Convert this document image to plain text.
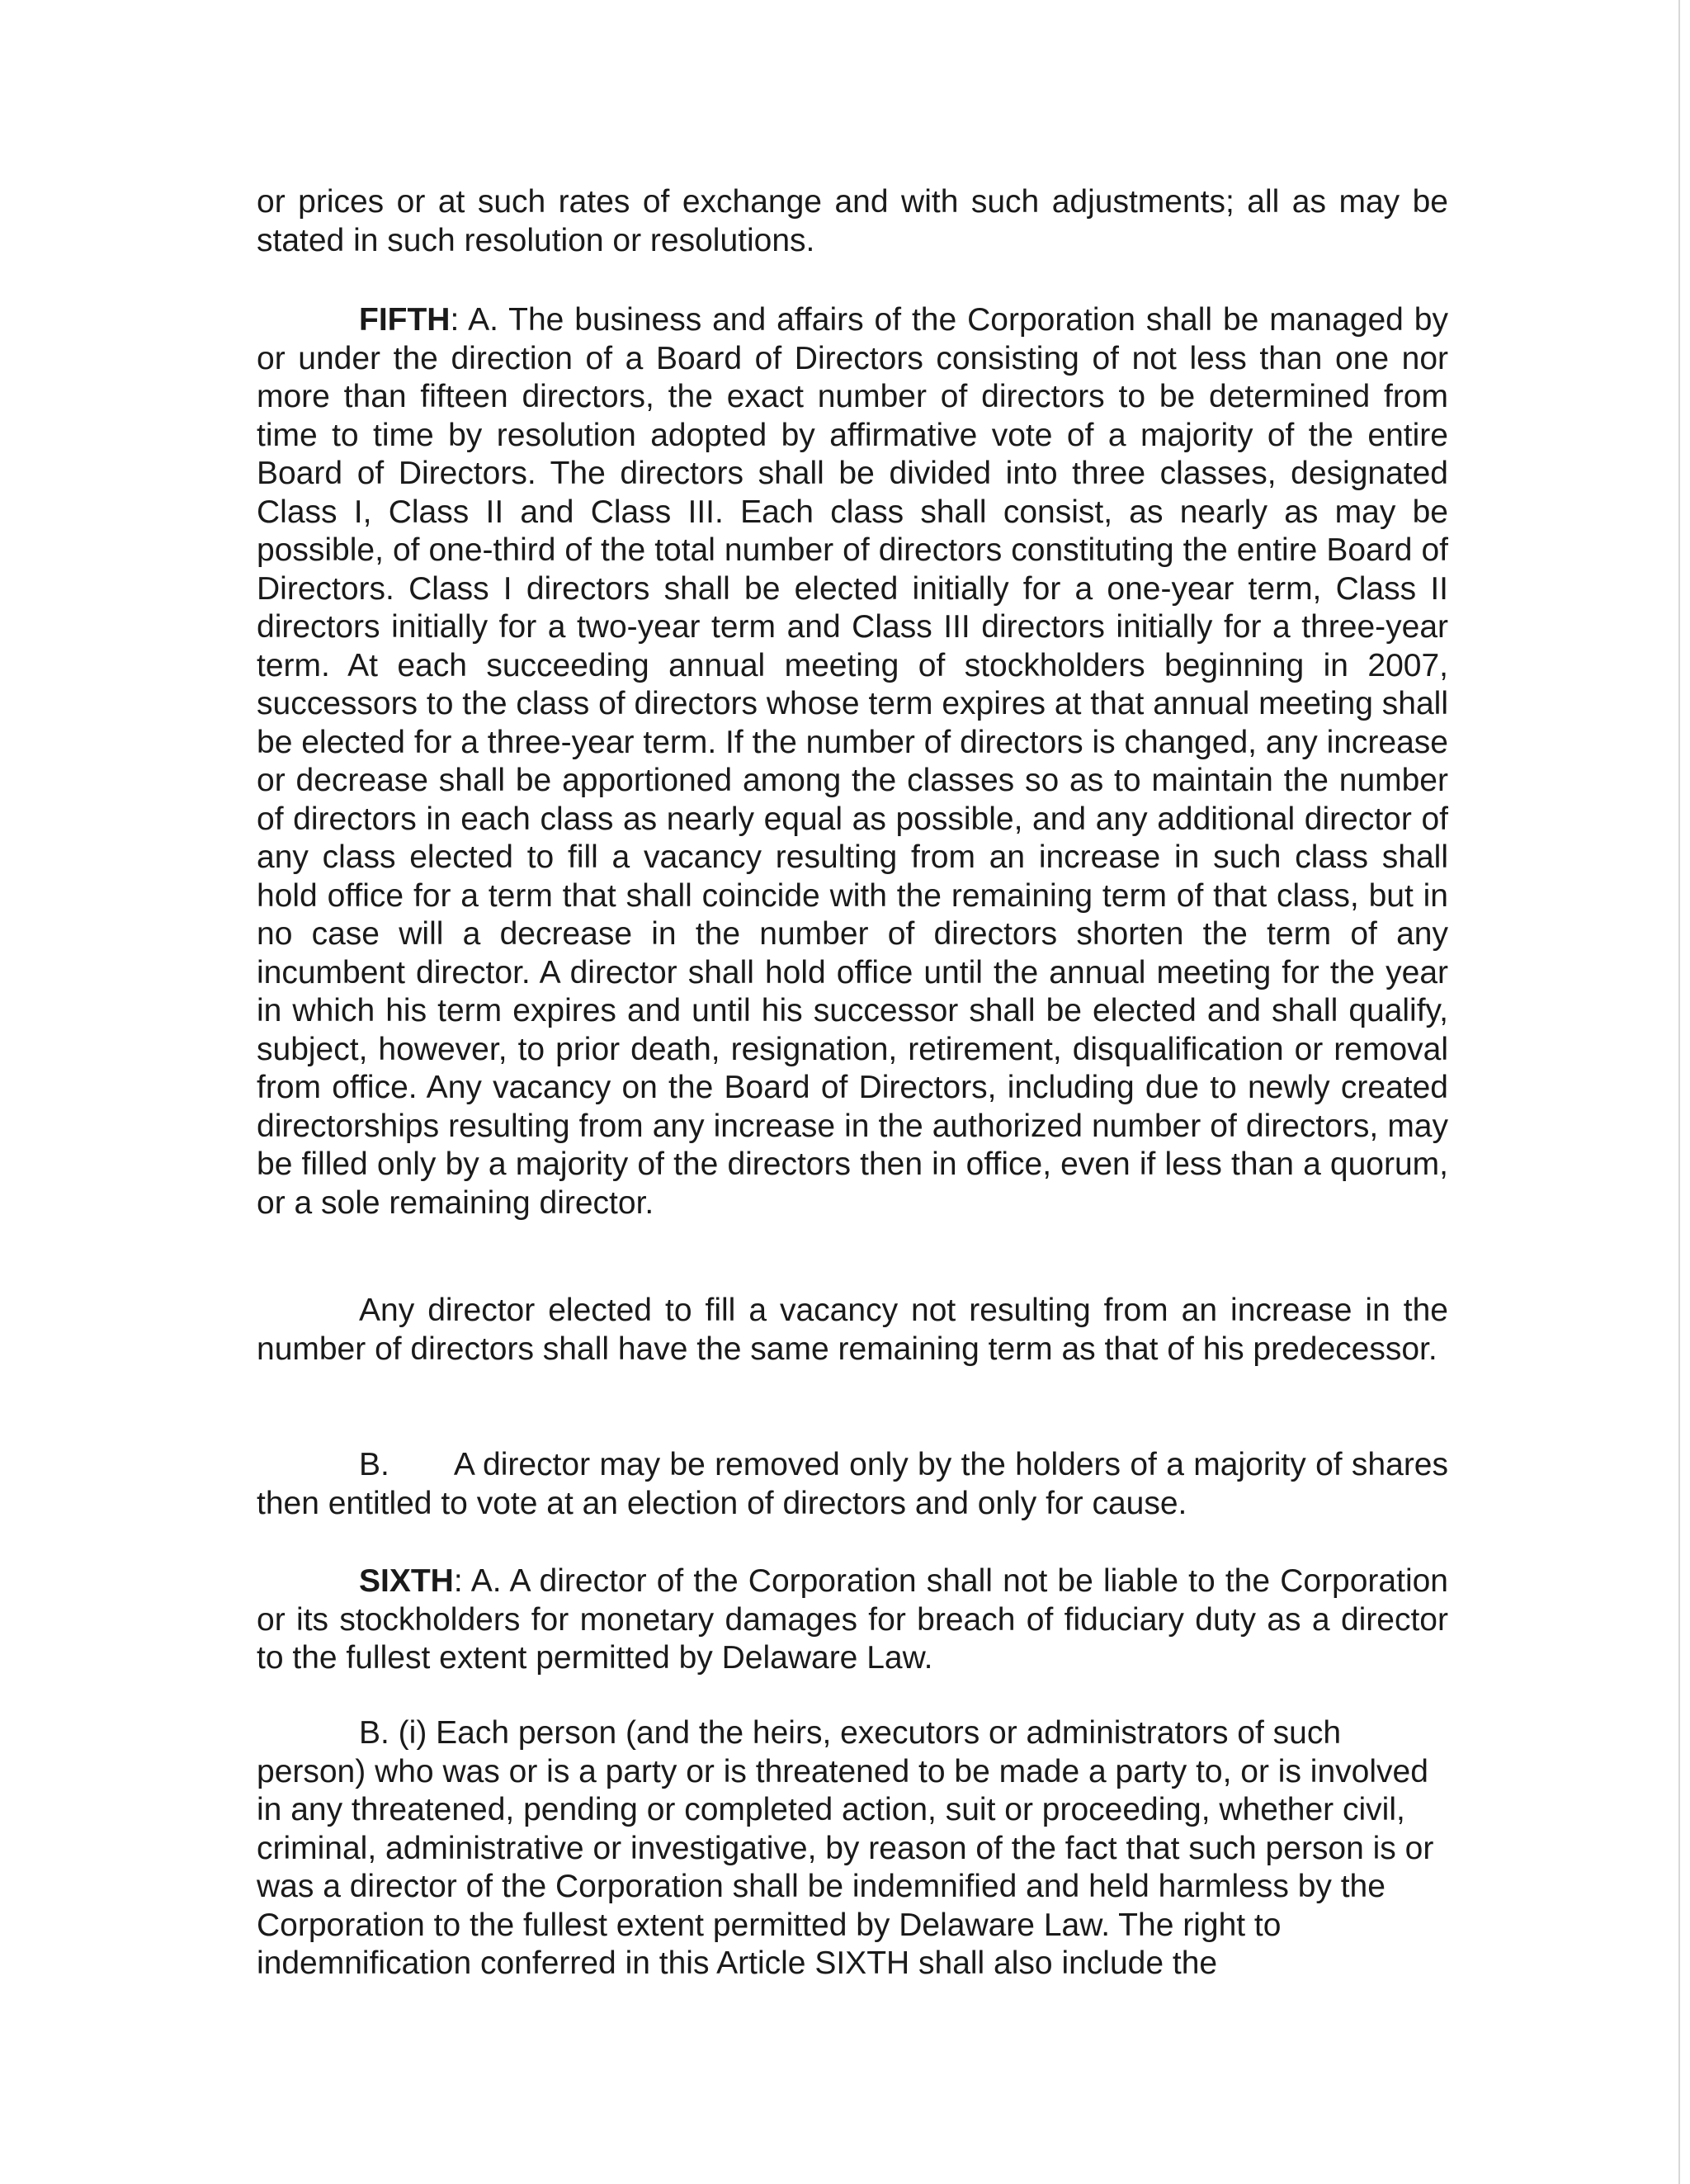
or prices or at such rates of exchange and with such adjustments; all as may be stated in such resolution or resolutions.

FIFTH: A. The business and affairs of the Corporation shall be managed by or under the direction of a Board of Directors consisting of not less than one nor more than fifteen directors, the exact number of directors to be determined from time to time by resolution adopted by affirmative vote of a majority of the entire Board of Directors. The directors shall be divided into three classes, designated Class I, Class II and Class III. Each class shall consist, as nearly as may be possible, of one-third of the total number of directors constituting the entire Board of Directors. Class I directors shall be elected initially for a one-year term, Class II directors initially for a two-year term and Class III directors initially for a three-year term. At each succeeding annual meeting of stockholders beginning in 2007, successors to the class of directors whose term expires at that annual meeting shall be elected for a three-year term. If the number of directors is changed, any increase or decrease shall be apportioned among the classes so as to maintain the number of directors in each class as nearly equal as possible, and any additional director of any class elected to fill a vacancy resulting from an increase in such class shall hold office for a term that shall coincide with the remaining term of that class, but in no case will a decrease in the number of directors shorten the term of any incumbent director. A director shall hold office until the annual meeting for the year in which his term expires and until his successor shall be elected and shall qualify, subject, however, to prior death, resignation, retirement, disqualification or removal from office. Any vacancy on the Board of Directors, including due to newly created directorships resulting from any increase in the authorized number of directors, may be filled only by a majority of the directors then in office, even if less than a quorum, or a sole remaining director.

Any director elected to fill a vacancy not resulting from an increase in the number of directors shall have the same remaining term as that of his predecessor.

B.  A director may be removed only by the holders of a majority of shares then entitled to vote at an election of directors and only for cause.

SIXTH: A. A director of the Corporation shall not be liable to the Corporation or its stockholders for monetary damages for breach of fiduciary duty as a director to the fullest extent permitted by Delaware Law.

B. (i) Each person (and the heirs, executors or administrators of such person) who was or is a party or is threatened to be made a party to, or is involved in any threatened, pending or completed action, suit or proceeding, whether civil, criminal, administrative or investigative, by reason of the fact that such person is or was a director of the Corporation shall be indemnified and held harmless by the Corporation to the fullest extent permitted by Delaware Law. The right to indemnification conferred in this Article SIXTH shall also include the
